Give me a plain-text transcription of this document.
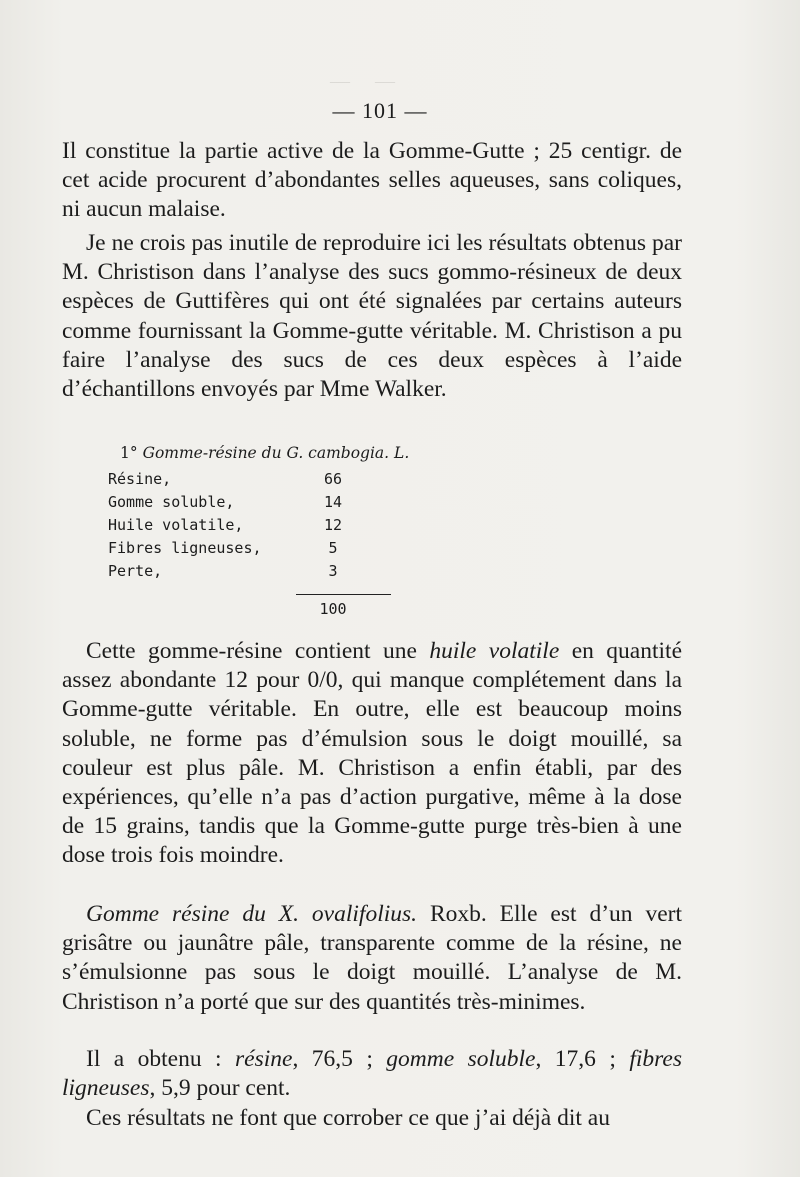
—     —
— 101 —
Il constitue la partie active de la Gomme-Gutte ; 25 centigr. de cet acide procurent d’abondantes selles aqueuses, sans coliques, ni aucun malaise.
Je ne crois pas inutile de reproduire ici les résultats obtenus par M. Christison dans l’analyse des sucs gommo-résineux de deux espèces de Guttifères qui ont été signalées par certains auteurs comme fournissant la Gomme-gutte véritable. M. Christison a pu faire l’analyse des sucs de ces deux espèces à l’aide d’échantillons envoyés par Mme Walker.
1° Gomme-résine du G. cambogia. L.
Résine,	66
Gomme soluble,	14
Huile volatile,	12
Fibres ligneuses,	5
Perte,	3
100
Cette gomme-résine contient une huile volatile en quantité assez abondante 12 pour 0/0, qui manque complétement dans la Gomme-gutte véritable. En outre, elle est beaucoup moins soluble, ne forme pas d’émulsion sous le doigt mouillé, sa couleur est plus pâle. M. Christison a enfin établi, par des expériences, qu’elle n’a pas d’action purgative, même à la dose de 15 grains, tandis que la Gomme-gutte purge très-bien à une dose trois fois moindre.
Gomme résine du X. ovalifolius. Roxb. Elle est d’un vert grisâtre ou jaunâtre pâle, transparente comme de la résine, ne s’émulsionne pas sous le doigt mouillé. L’analyse de M. Christison n’a porté que sur des quantités très-minimes.
Il a obtenu : résine, 76,5 ; gomme soluble, 17,6 ; fibres ligneuses, 5,9 pour cent.
Ces résultats ne font que corrober ce que j’ai déjà dit au
